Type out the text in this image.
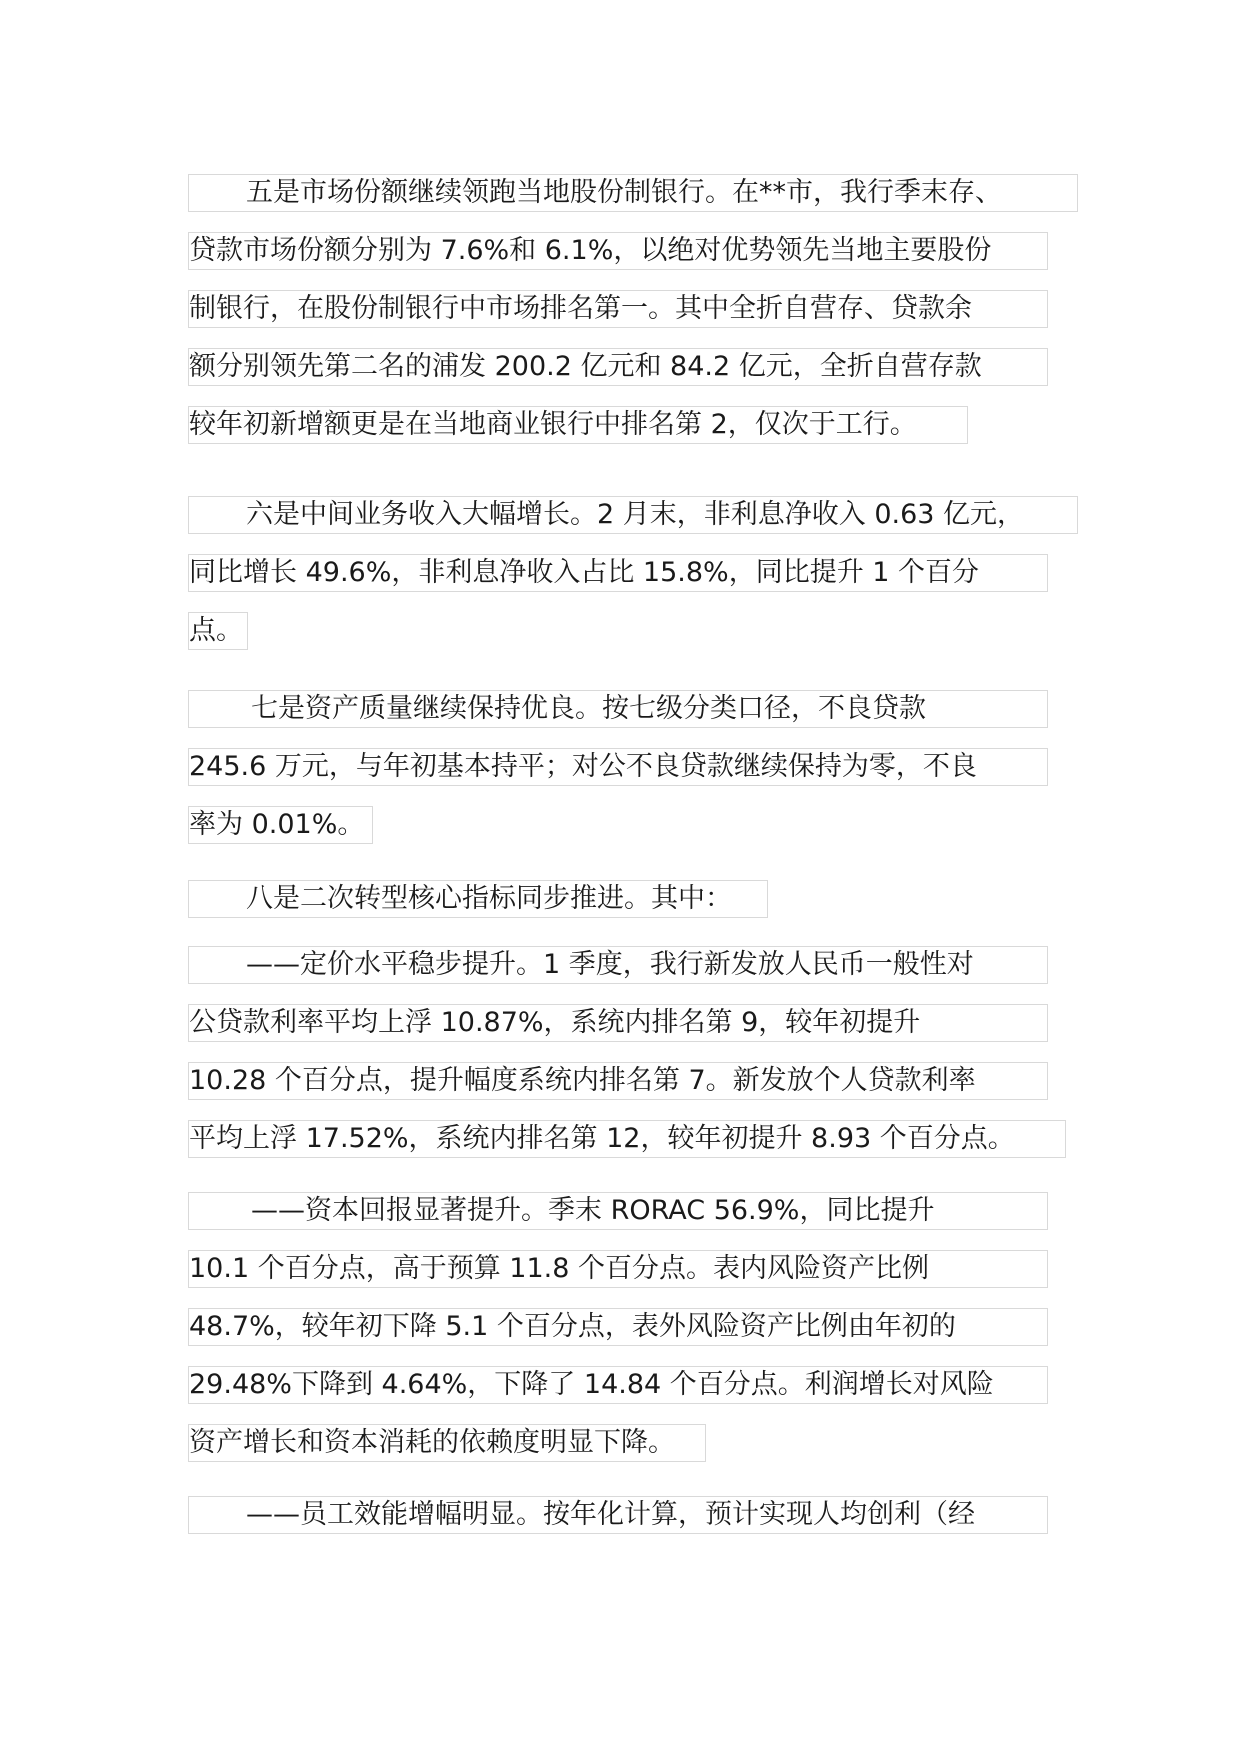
五是市场份额继续领跑当地股份制银行。在**市，我行季末存、
贷款市场份额分别为 7.6%和 6.1%，以绝对优势领先当地主要股份
制银行，在股份制银行中市场排名第一。其中全折自营存、贷款余
额分别领先第二名的浦发 200.2 亿元和 84.2 亿元，全折自营存款
较年初新增额更是在当地商业银行中排名第 2，仅次于工行。
六是中间业务收入大幅增长。2 月末，非利息净收入 0.63 亿元，
同比增长 49.6%，非利息净收入占比 15.8%，同比提升 1 个百分
点。
七是资产质量继续保持优良。按七级分类口径，不良贷款
245.6 万元，与年初基本持平；对公不良贷款继续保持为零，不良
率为 0.01%。
八是二次转型核心指标同步推进。其中：
——定价水平稳步提升。1 季度，我行新发放人民币一般性对
公贷款利率平均上浮 10.87%，系统内排名第 9，较年初提升
10.28 个百分点，提升幅度系统内排名第 7。新发放个人贷款利率
平均上浮 17.52%，系统内排名第 12，较年初提升 8.93 个百分点。
——资本回报显著提升。季末 RORAC 56.9%，同比提升
10.1 个百分点，高于预算 11.8 个百分点。表内风险资产比例
48.7%，较年初下降 5.1 个百分点，表外风险资产比例由年初的
29.48%下降到 4.64%，下降了 14.84 个百分点。利润增长对风险
资产增长和资本消耗的依赖度明显下降。
——员工效能增幅明显。按年化计算，预计实现人均创利（经
